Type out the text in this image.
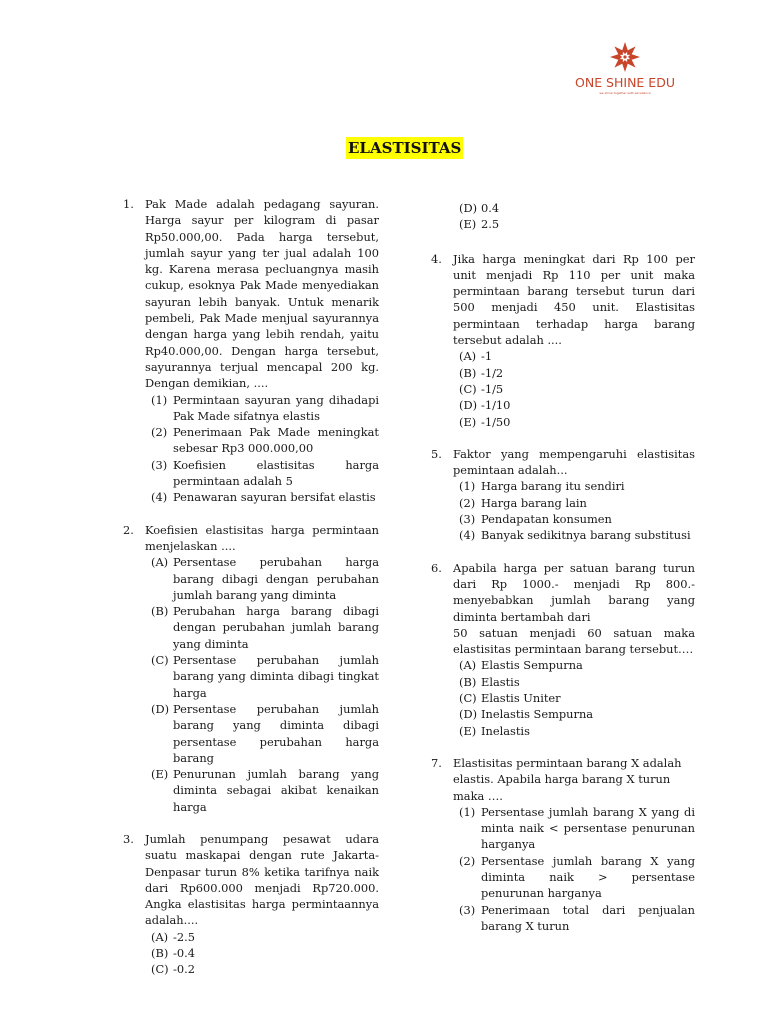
ONE SHINE EDU
we shine together with excellence
ELASTISITAS
1. Pak Made adalah pedagang sayuran. Harga sayur per kilogram di pasar Rp50.000,00. Pada harga tersebut, jumlah sayur yang ter jual adalah 100 kg. Karena merasa pecluangnya masih cukup, esoknya Pak Made menyediakan sayuran lebih banyak. Untuk menarik pembeli, Pak Made menjual sayurannya dengan harga yang lebih rendah, yaitu Rp40.000,00. Dengan harga tersebut, sayurannya terjual mencapal 200 kg. Dengan demikian, ....
(1) Permintaan sayuran yang dihadapi Pak Made sifatnya elastis
(2) Penerimaan Pak Made meningkat sebesar Rp3 000.000,00
(3) Koefisien elastisitas harga permintaan adalah 5
(4) Penawaran sayuran bersifat elastis
2. Koefisien elastisitas harga permintaan menjelaskan ....
(A) Persentase perubahan harga barang dibagi dengan perubahan jumlah barang yang diminta
(B) Perubahan harga barang dibagi dengan perubahan jumlah barang yang diminta
(C) Persentase perubahan jumlah barang yang diminta dibagi tingkat harga
(D) Persentase perubahan jumlah barang yang diminta dibagi persentase perubahan harga barang
(E) Penurunan jumlah barang yang diminta sebagai akibat kenaikan harga
3. Jumlah penumpang pesawat udara suatu maskapai dengan rute Jakarta-Denpasar turun 8% ketika tarifnya naik dari Rp600.000 menjadi Rp720.000. Angka elastisitas harga permintaannya adalah....
(A) -2.5
(B) -0.4
(C) -0.2
(D) 0.4
(E) 2.5
4. Jika harga meningkat dari Rp 100 per unit menjadi Rp 110 per unit maka permintaan barang tersebut turun dari 500 menjadi 450 unit. Elastisitas permintaan terhadap harga barang tersebut adalah ....
(A) -1
(B) -1/2
(C) -1/5
(D) -1/10
(E) -1/50
5. Faktor yang mempengaruhi elastisitas pemintaan adalah...
(1) Harga barang itu sendiri
(2) Harga barang lain
(3) Pendapatan konsumen
(4) Banyak sedikitnya barang substitusi
6. Apabila harga per satuan barang turun dari Rp 1000.- menjadi Rp 800.- menyebabkan jumlah barang yang diminta bertambah dari
50 satuan menjadi 60 satuan maka elastisitas permintaan barang tersebut….
(A) Elastis Sempurna
(B) Elastis
(C) Elastis Uniter
(D) Inelastis Sempurna
(E) Inelastis
7. Elastisitas permintaan barang X adalah elastis. Apabila harga barang X turun maka ….
(1) Persentase jumlah barang X yang di minta naik < persentase penurunan harganya
(2) Persentase jumlah barang X yang diminta naik > persentase penurunan harganya
(3) Penerimaan total dari penjualan barang X turun
